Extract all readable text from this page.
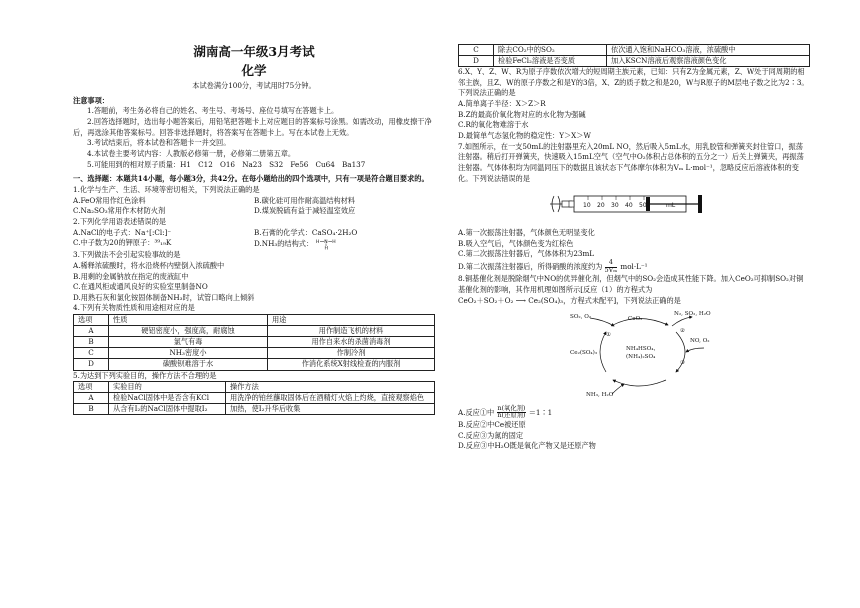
湖南高一年级3月考试
化学

本试卷满分100分，考试用时75分钟。

注意事项：

1.答题前，考生务必将自己的姓名、考生号、考场号、座位号填写在答题卡上。

2.回答选择题时，选出每小题答案后，用铅笔把答题卡上对应题目的答案标号涂黑。如需改动，用橡皮擦干净后，再选涂其他答案标号。回答非选择题时，将答案写在答题卡上。写在本试卷上无效。

3.考试结束后，将本试卷和答题卡一并交回。

4.本试卷主要考试内容：人教版必修第一册，必修第二册第五章。

5.可能用到的相对原子质量：H1　C12　O16　Na23　S32　Fe56　Cu64　Ba137

一、选择题：本题共14小题，每小题3分，共42分。在每小题给出的四个选项中，只有一项是符合题目要求的。

1.化学与生产、生活、环境等密切相关，下列说法正确的是

A.FeO常用作红色涂料	B.碳化硅可用作耐高温结构材料
C.Na₂SO₃常用作木材防火剂	D.煤炭脱硫有益于减轻温室效应

2.下列化学用语表述错误的是

A.NaCl的电子式：Na⁺[:Cl:]⁻	B.石膏的化学式：CaSO₄·2H₂O
C.中子数为20的钾原子：³⁹₁₉K	D.NH₃的结构式： H N H
H

3.下列做法不会引起实验事故的是

A.稀释浓硫酸时，将水沿烧杯内壁倒入浓硫酸中

B.用剩的金属钠放在指定的废液缸中

C.在通风柜或通风良好的实验室里制备NO

D.用熟石灰和氯化铵固体制备NH₃时，试管口略向上倾斜

4.下列有关物质性质和用途相对应的是

选项	性质	用途
A	硬铝密度小，强度高，耐腐蚀	用作制造飞机的材料
B	氯气有毒	用作自来水的杀菌消毒剂
C	NH₃密度小	作制冷剂
D	碳酸钡难溶于水	作消化系统X射线检查的内服剂

5.为达到下列实验目的，操作方法不合理的是

选项	实验目的	操作方法
A	检验NaCl固体中是否含有KCl	用洗净的铂丝蘸取固体后在酒精灯火焰上灼烧，直接观察焰色
B	从含有I₂的NaCl固体中提取I₂	加热，使I₂升华后收集
C	除去CO₂中的SO₂	依次通入饱和NaHCO₃溶液，浓硫酸中
D	检验FeCl₂溶液是否变质	加入KSCN溶液后观察溶液颜色变化

6.X、Y、Z、W、R为原子序数依次增大的短周期主族元素，已知：只有Z为金属元素，Z、W处于同周期的相邻主族，且Z、W的原子序数之和是Y的3倍，X、Z的质子数之和是20，W与R原子的M层电子数之比为2∶3。下列说法正确的是

A.简单离子半径：X＞Z＞R

B.Z的最高价氧化物对应的水化物为强碱

C.R的氧化物难溶于水

D.最简单气态氢化物的稳定性：Y＞X＞W

7.如图所示，在一支50mL的注射器里充入20mL NO，然后吸入5mL水，用乳胶管和弹簧夹封住管口，振荡注射器。稍后打开弹簧夹，快速吸入15mL空气（空气中O₂体积占总体积的五分之一）后关上弹簧夹，再振荡注射器。气体体积均为同温同压下的数据且该状态下气体摩尔体积为Vₘ L·mol⁻¹，忽略反应后溶液体积的变化。下列说法错误的是

10 20 30 40 50	mL

A.第一次振荡注射器，气体颜色无明显变化

B.吸入空气后，气体颜色变为红棕色

C.第二次振荡注射器后，气体体积为23mL

D.第二次振荡注射器后，所得硝酸的浓度约为 $\frac{4}{\text{5Vₘ}} mol\cdot L^{-1}$

8.铜基催化剂是脱除烟气中NO的优异催化剂，但烟气中的SO₂会造成其性能下降。加入CeO₂可抑制SO₂对铜基催化剂的影响，其作用机理如图所示[反应（1）的方程式为

CeO₂＋SO₂＋O₂ ⟶ Ce₂(SO₄)₃，方程式未配平]，下列说法正确的是

SO₂, O₂	CeO₂
N₂, SO₂, H₂O
NO, O₂
Ce₂(SO₄)₃
NH₄HSO₄，
(NH₄)₂SO₄
NH₃, H₂O
①
②
③

A.反应①中 $\frac{\text{n(氧化剂)}}{\text{n(还原剂)}}$ ＝1∶1

B.反应②中Ce被还原

C.反应③为氮的固定

D.反应③中H₂O既是氧化产物又是还原产物
